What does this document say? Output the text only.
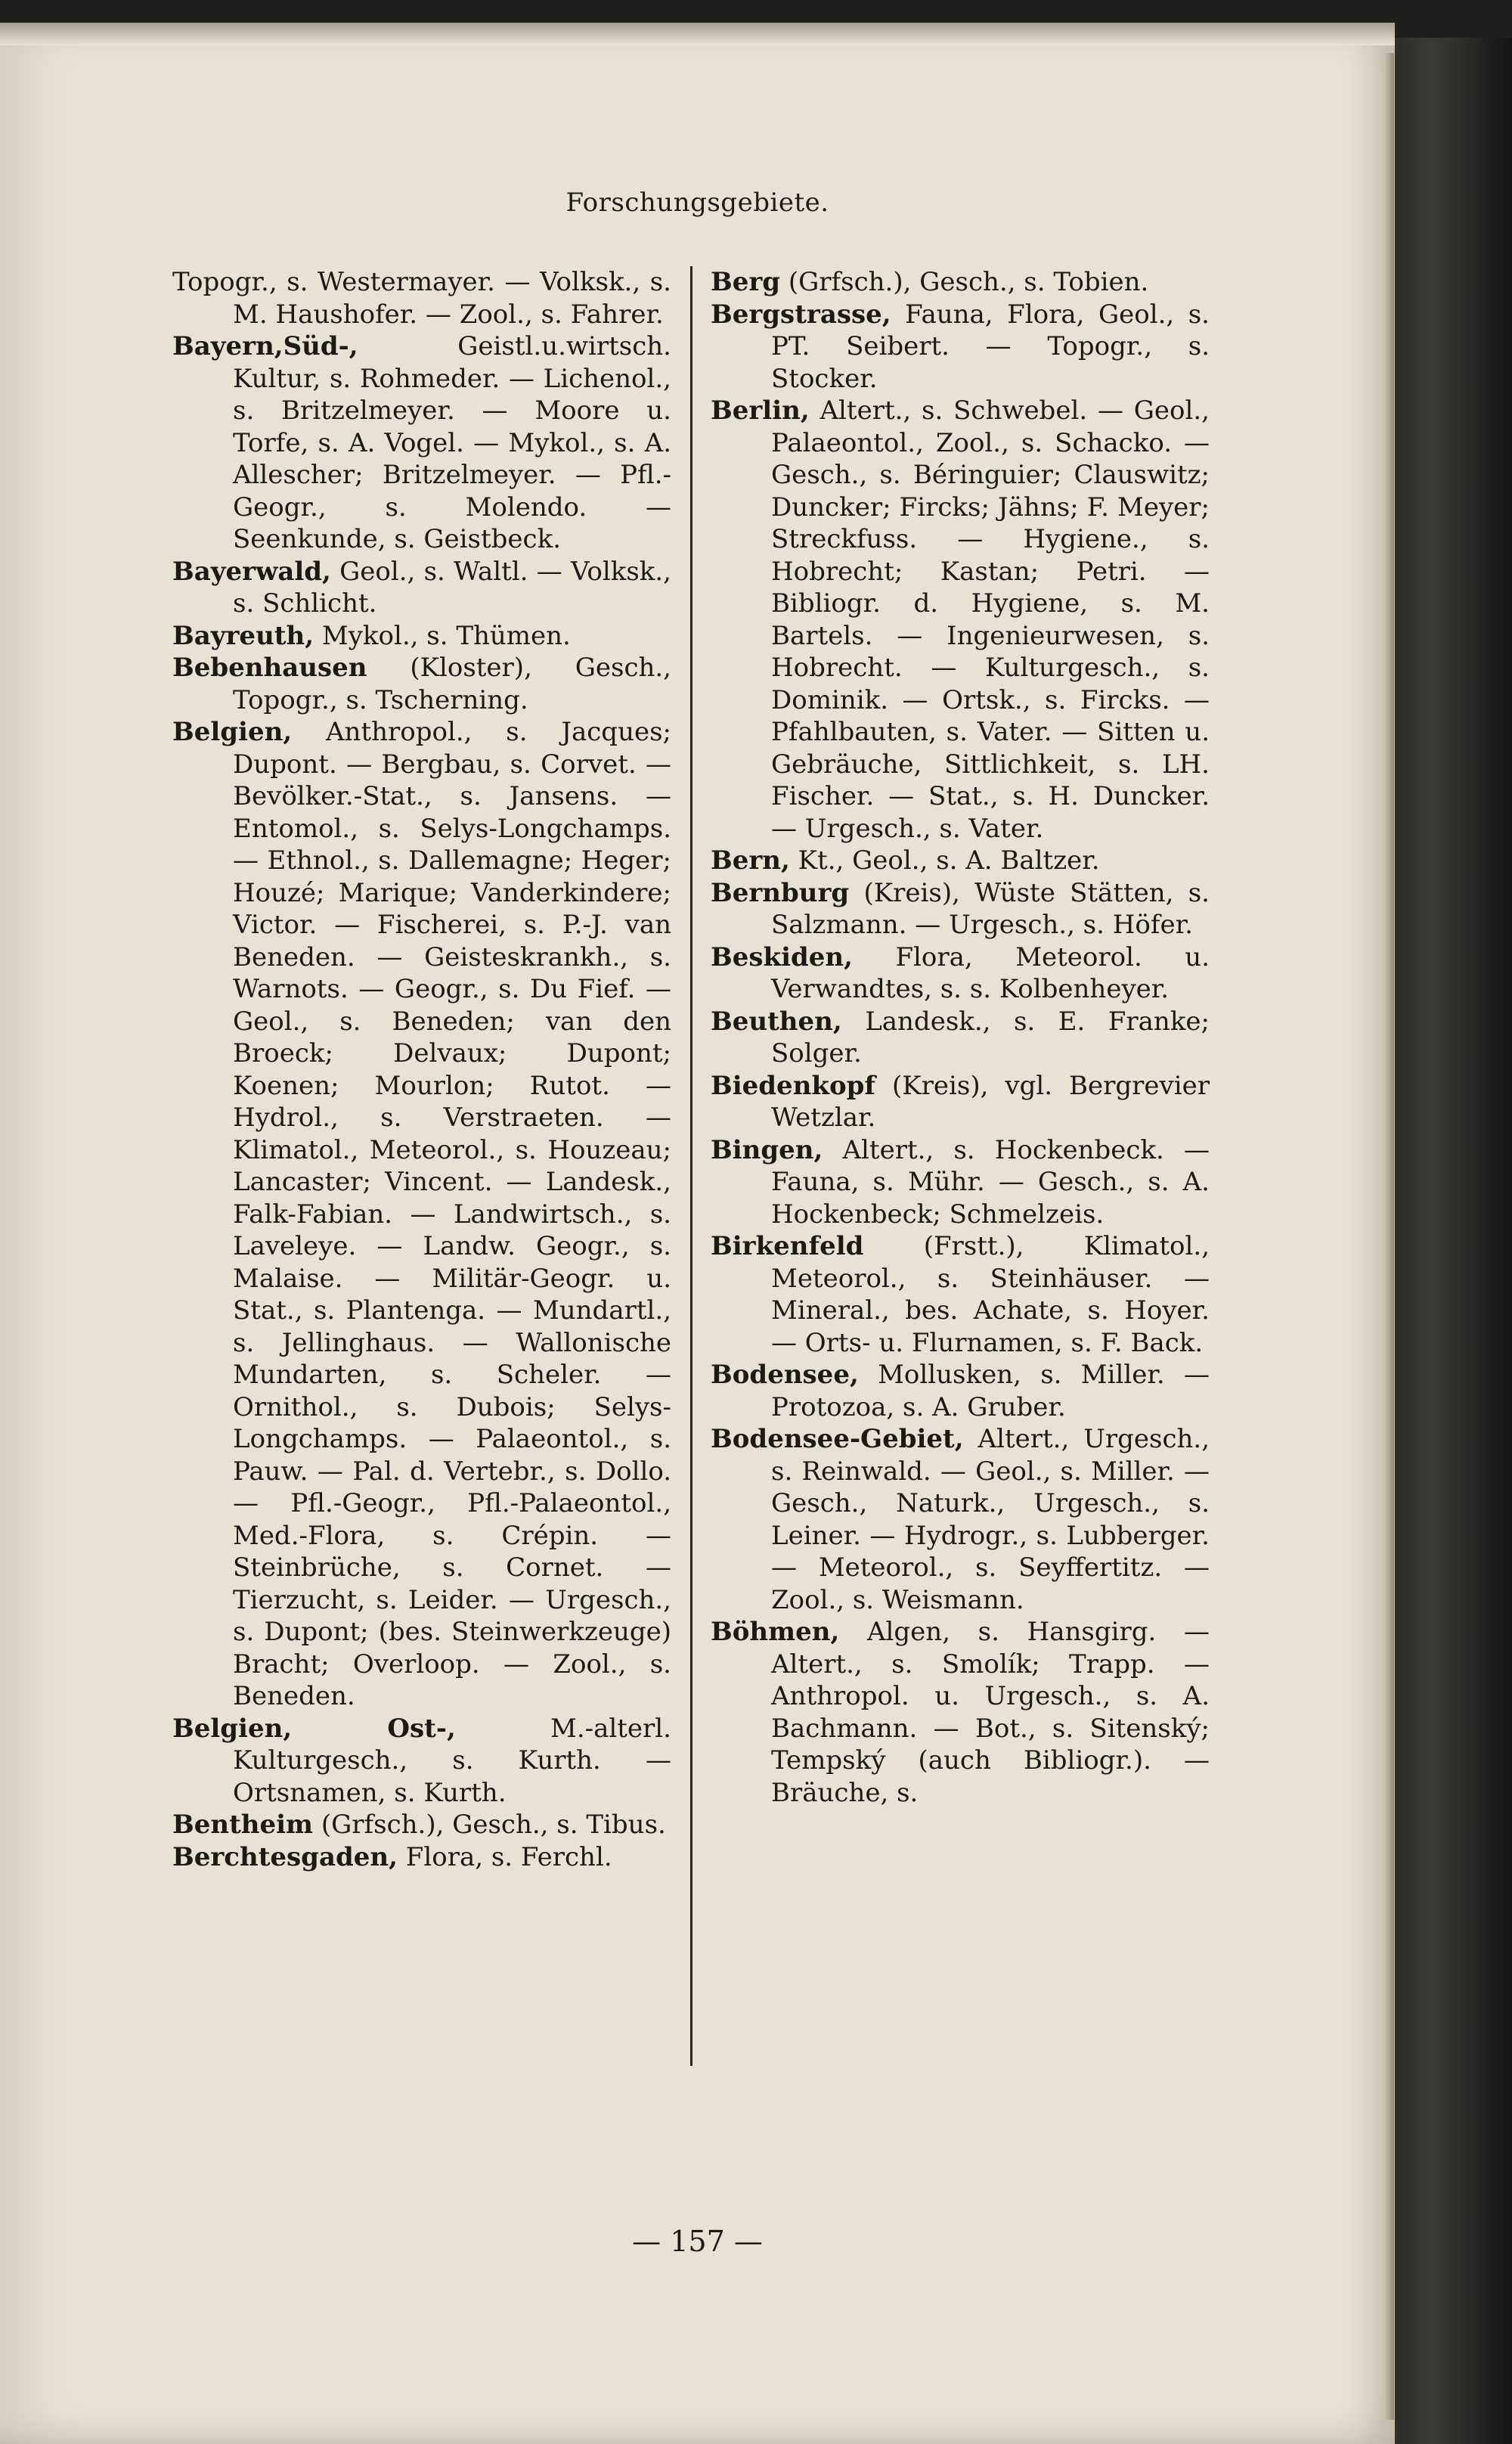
Forschungsgebiete.
Topogr., s. Westermayer. — Volksk., s. M. Haushofer. — Zool., s. Fahrer.
Bayern,Süd-,	Geistl.u.wirtsch. Kultur, s. Rohmeder. — Lichenol., s. Britzelmeyer. — Moore u. Torfe, s. A. Vogel. — Mykol., s. A. Allescher; Britzelmeyer. — Pfl.-Geogr., s. Molendo. — Seenkunde, s. Geistbeck.
Bayerwald, Geol., s. Waltl. — Volksk., s. Schlicht.
Bayreuth, Mykol., s. Thümen.
Bebenhausen (Kloster), Gesch., Topogr., s. Tscherning.
Belgien, Anthropol., s. Jacques; Dupont. — Bergbau, s. Corvet. — Bevölker.-Stat., s. Jansens. — Entomol., s. Selys-Longchamps. — Ethnol., s. Dallemagne; Heger; Houzé; Marique; Vanderkindere; Victor. — Fischerei, s. P.-J. van Beneden. — Geisteskrankh., s. Warnots. — Geogr., s. Du Fief. — Geol., s. Beneden; van den Broeck; Delvaux; Dupont; Koenen; Mourlon; Rutot. — Hydrol., s. Verstraeten. — Klimatol., Meteorol., s. Houzeau; Lancaster; Vincent. — Landesk., Falk-Fabian. — Landwirtsch., s. Laveleye. — Landw. Geogr., s. Malaise. — Militär-Geogr. u. Stat., s. Plantenga. — Mundartl., s. Jellinghaus. — Wallonische Mundarten, s. Scheler. — Ornithol., s. Dubois; Selys-Longchamps. — Palaeontol., s. Pauw. — Pal. d. Vertebr., s. Dollo. — Pfl.-Geogr., Pfl.-Palaeontol., Med.-Flora, s. Crépin. — Steinbrüche, s. Cornet. — Tierzucht, s. Leider. — Urgesch., s. Dupont; (bes. Steinwerkzeuge) Bracht; Overloop. — Zool., s. Beneden.
Belgien, Ost-,	M.-alterl. Kulturgesch., s. Kurth. — Ortsnamen, s. Kurth.
Bentheim (Grfsch.), Gesch., s. Tibus.
Berchtesgaden, Flora, s. Ferchl.
Berg (Grfsch.), Gesch., s. Tobien.
Bergstrasse, Fauna, Flora, Geol., s. PT. Seibert. — Topogr., s. Stocker.
Berlin, Altert., s. Schwebel. — Geol., Palaeontol., Zool., s. Schacko. — Gesch., s. Béringuier; Clauswitz; Duncker; Fircks; Jähns; F. Meyer; Streckfuss. — Hygiene., s. Hobrecht; Kastan; Petri. — Bibliogr. d. Hygiene, s. M. Bartels. — Ingenieurwesen, s. Hobrecht. — Kulturgesch., s. Dominik. — Ortsk., s. Fircks. — Pfahlbauten, s. Vater. — Sitten u. Gebräuche, Sittlichkeit, s. LH. Fischer. — Stat., s. H. Duncker. — Urgesch., s. Vater.
Bern, Kt., Geol., s. A. Baltzer.
Bernburg (Kreis), Wüste Stätten, s. Salzmann. — Urgesch., s. Höfer.
Beskiden, Flora, Meteorol. u. Verwandtes, s. s. Kolbenheyer.
Beuthen, Landesk., s. E. Franke; Solger.
Biedenkopf (Kreis), vgl. Bergrevier Wetzlar.
Bingen, Altert., s. Hockenbeck. — Fauna, s. Mühr. — Gesch., s. A. Hockenbeck; Schmelzeis.
Birkenfeld (Frstt.), Klimatol., Meteorol., s. Steinhäuser. — Mineral., bes. Achate, s. Hoyer. — Orts- u. Flurnamen, s. F. Back.
Bodensee, Mollusken, s. Miller. — Protozoa, s. A. Gruber.
Bodensee-Gebiet, Altert., Urgesch., s. Reinwald. — Geol., s. Miller. — Gesch., Naturk., Urgesch., s. Leiner. — Hydrogr., s. Lubberger. — Meteorol., s. Seyffertitz. — Zool., s. Weismann.
Böhmen, Algen, s. Hansgirg. — Altert., s. Smolík; Trapp. — Anthropol. u. Urgesch., s. A. Bachmann. — Bot., s. Sitenský; Tempský (auch Bibliogr.). — Bräuche, s.
— 157 —
